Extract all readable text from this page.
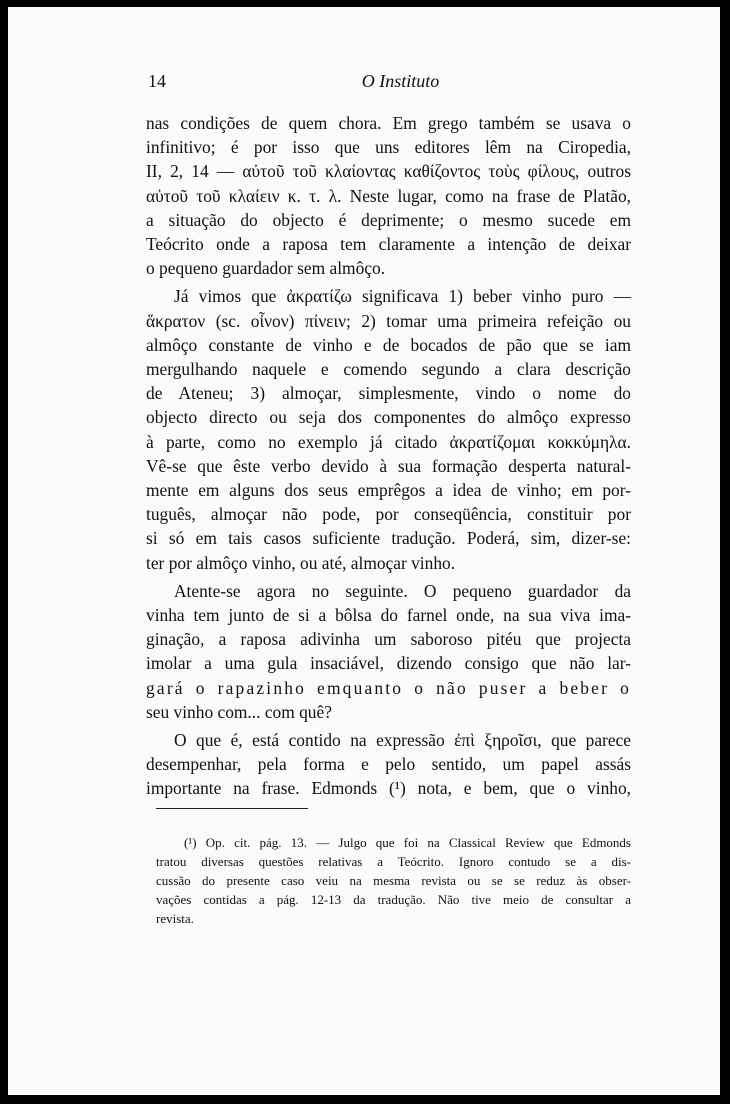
14	O Instituto

nas condições de quem chora. Em grego também se usava o
infinitivo; é por isso que uns editores lêm na Ciropedia,
II, 2, 14 — αὐτοῦ τοῦ κλαίοντας καθίζοντος τοὺς φίλους, outros
αὐτοῦ τοῦ κλαίειν κ. τ. λ. Neste lugar, como na frase de Platão,
a situação do objecto é deprimente; o mesmo sucede em
Teócrito onde a raposa tem claramente a intenção de deixar
o pequeno guardador sem almôço.

Já vimos que ἀκρατίζω significava 1) beber vinho puro —
ἄκρατον (sc. οἶνον) πίνειν; 2) tomar uma primeira refeição ou
almôço constante de vinho e de bocados de pão que se iam
mergulhando naquele e comendo segundo a clara descrição
de Ateneu; 3) almoçar, simplesmente, vindo o nome do
objecto directo ou seja dos componentes do almôço expresso
à parte, como no exemplo já citado ἀκρατίζομαι κοκκύμηλα.
Vê-se que êste verbo devido à sua formação desperta natural-
mente em alguns dos seus emprêgos a idea de vinho; em por-
tuguês, almoçar não pode, por conseqüência, constituir por
si só em tais casos suficiente tradução. Poderá, sim, dizer-se:
ter por almôço vinho, ou até, almoçar vinho.

Atente-se agora no seguinte. O pequeno guardador da
vinha tem junto de si a bôlsa do farnel onde, na sua viva ima-
ginação, a raposa adivinha um saboroso pitéu que projecta
imolar a uma gula insaciável, dizendo consigo que não lar-
gará o rapazinho emquanto o não puser a beber o
seu vinho com... com quê?

O que é, está contido na expressão ἐπὶ ξηροῖσι, que parece
desempenhar, pela forma e pelo sentido, um papel assás
importante na frase. Edmonds (¹) nota, e bem, que o vinho,

(¹) Op. cit. pág. 13. — Julgo que foi na Classical Review que Edmonds
tratou diversas questões relativas a Teócrito. Ignoro contudo se a dis-
cussão do presente caso veiu na mesma revista ou se se reduz às obser-
vações contidas a pág. 12-13 da tradução. Não tive meio de consultar a
revista.
